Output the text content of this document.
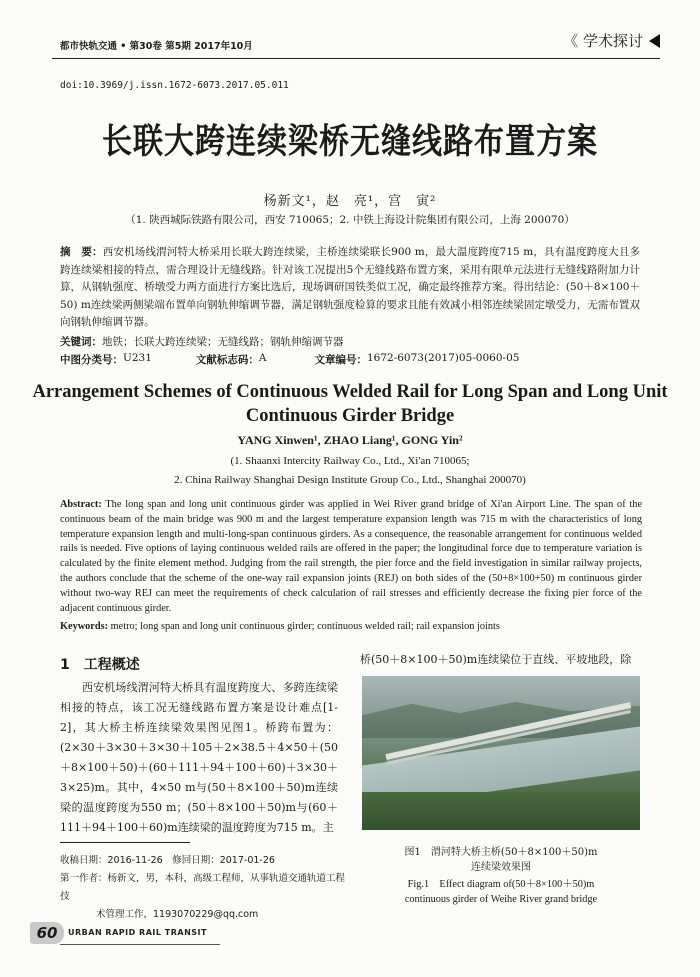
都市快轨交通 • 第30卷 第5期 2017年10月	《 学术探讨
doi:10.3969/j.issn.1672-6073.2017.05.011
长联大跨连续梁桥无缝线路布置方案
杨新文¹，赵　亮¹，宫　寅²
（1. 陕西城际铁路有限公司，西安 710065；2. 中铁上海设计院集团有限公司，上海 200070）
摘　要：西安机场线渭河特大桥采用长联大跨连续梁，主桥连续梁联长900 m，最大温度跨度715 m，具有温度跨度大且多跨连续梁相接的特点，需合理设计无缝线路。针对该工况提出5个无缝线路布置方案，采用有限单元法进行无缝线路附加力计算，从钢轨强度、桥墩受力两方面进行方案比选后，现场调研国铁类似工况，确定最终推荐方案。得出结论：(50＋8×100＋50) m连续梁两侧梁端布置单向钢轨伸缩调节器，满足钢轨强度检算的要求且能有效减小相邻连续梁固定墩受力，无需布置双向钢轨伸缩调节器。
关键词：地铁；长联大跨连续梁；无缝线路；钢轨伸缩调节器
中图分类号： U231	文献标志码： A	文章编号： 1672-6073(2017)05-0060-05
Arrangement Schemes of Continuous Welded Rail for Long Span and Long Unit Continuous Girder Bridge
YANG Xinwen¹, ZHAO Liang¹, GONG Yin²
(1. Shaanxi Intercity Railway Co., Ltd., Xi'an 710065;
2. China Railway Shanghai Design Institute Group Co., Ltd., Shanghai 200070)
Abstract: The long span and long unit continuous girder was applied in Wei River grand bridge of Xi'an Airport Line. The span of the continuous beam of the main bridge was 900 m and the largest temperature expansion length was 715 m with the characteristics of long temperature expansion length and multi-long-span continuous girders. As a consequence, the reasonable arrangement for continuous welded rails is needed. Five options of laying continuous welded rails are offered in the paper; the longitudinal force due to temperature variation is calculated by the finite element method. Judging from the rail strength, the pier force and the field investigation in similar railway projects, the authors conclude that the scheme of the one-way rail expansion joints (REJ) on both sides of the (50+8×100+50) m continuous girder without two-way REJ can meet the requirements of check calculation of rail stresses and efficiently decrease the fixing pier force of the adjacent continuous girder.
Keywords: metro; long span and long unit continuous girder; continuous welded rail; rail expansion joints
1　工程概述

西安机场线渭河特大桥具有温度跨度大、多跨连续梁相接的特点，该工况无缝线路布置方案是设计难点[1-2]，其大桥主桥连续梁效果图见图1。桥跨布置为：(2×30＋3×30＋3×30＋105＋2×38.5＋4×50＋(50＋8×100＋50)＋(60＋111＋94＋100＋60)＋3×30＋3×25)m。其中，4×50 m与(50＋8×100＋50)m连续梁的温度跨度为550 m；(50＋8×100＋50)m与(60＋111＋94＋100＋60)m连续梁的温度跨度为715 m。主

收稿日期：2016-11-26　修回日期：2017-01-26
第一作者：杨新文，男，本科，高级工程师，从事轨道交通轨道工程技
术管理工作，1193070229@qq.com
桥(50＋8×100＋50)m连续梁位于直线、平坡地段，除
图1　渭河特大桥主桥(50＋8×100＋50)m
连续梁效果图
Fig.1　Effect diagram of(50＋8×100＋50)m
continuous girder of Weihe River grand bridge
60	URBAN RAPID RAIL TRANSIT
